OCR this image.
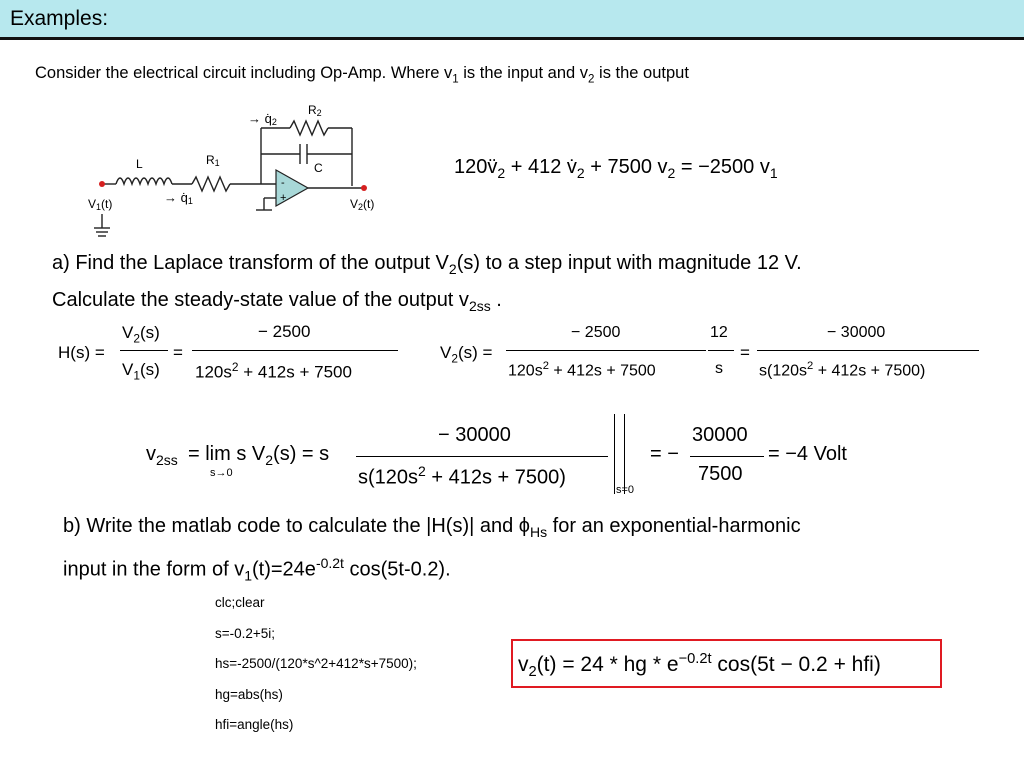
Examples:
Consider the electrical circuit including Op-Amp. Where $v_1$ is the input and $v_2$ is the output
-
+
L	R1
R2
C
→ q̇2
→ q̇1
V1(t)	V2(t)
$120v̈_2 + 412$ $v̇_2 + 7500$ $v_2 = -2500$ $v_1$
a) Find the Laplace transform of the output $V_2(s)$ to a step input with magnitude 12 V.
Calculate the steady-state value of the output $v_{2ss}$ .
H(s) =
$V_2(s)$
$V_1(s)$
=
− 2500
$120s^2 + 412s + 7500$
$V_2(s)$ =
− 2500
$120s^2 + 412s + 7500$
12
s
=
− 30000
$s(120s^2 + 412s + 7500)$
$v_{2ss} = \lim s$ $V_2(s) = s$
s→0
− 30000
$s(120s^2 + 412s + 7500)$
s=0
= −
30000
7500
= −4 Volt
b) Write the matlab code to calculate the |H(s)| and $\phi_{Hs}$ for an exponential-harmonic
input in the form of $v_1(t)=24e^{-0.2t}$ cos(5t-0.2).
clc;clear
s=-0.2+5i;
hs=-2500/(120*s^2+412*s+7500);
hg=abs(hs)
hfi=angle(hs)
$v_2(t) = 24$ * hg * $e^{-0.2t}$ cos(5t − 0.2 + hfi)
